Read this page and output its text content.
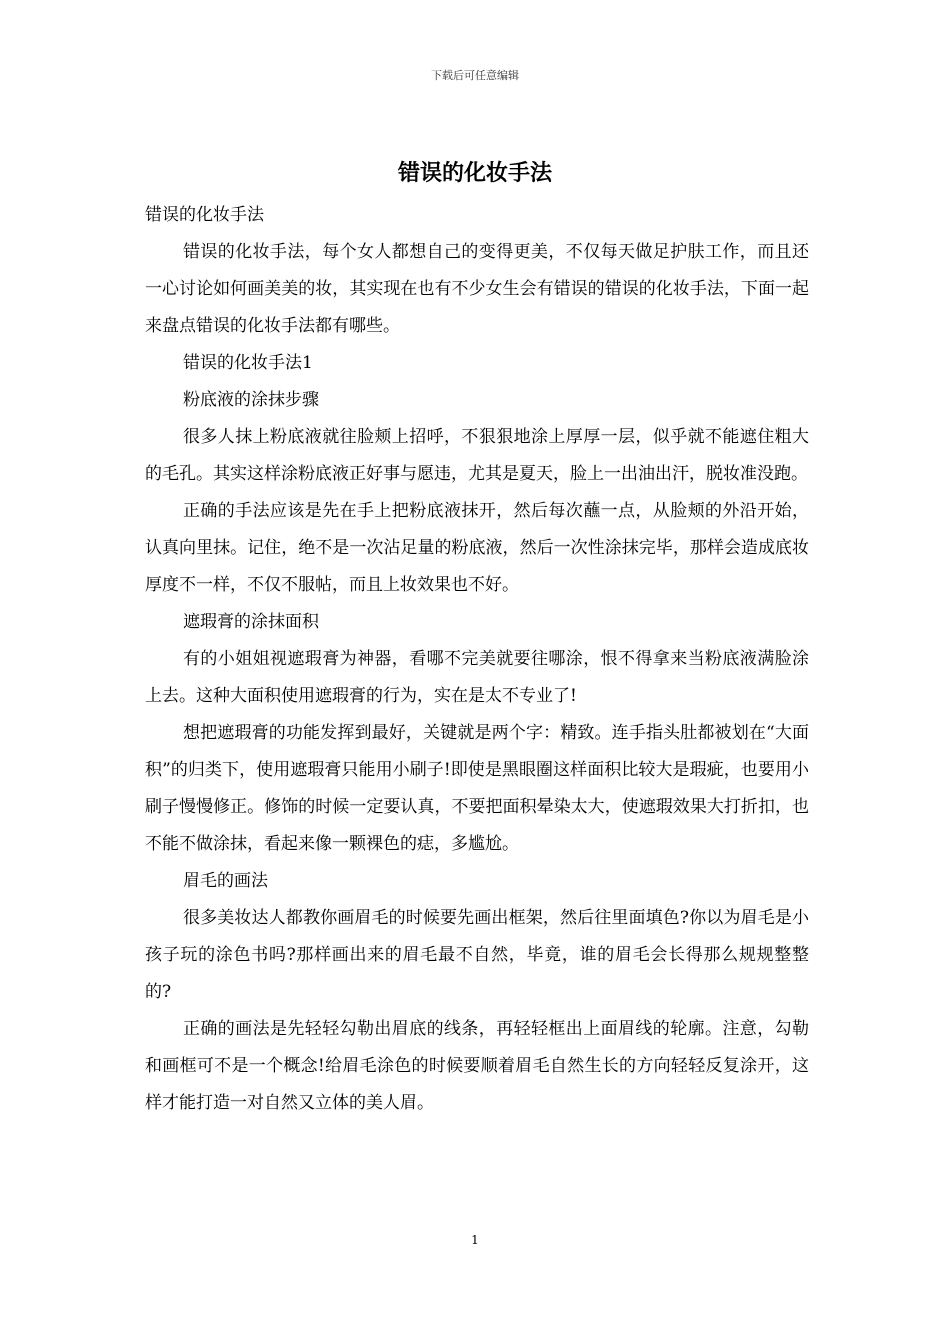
下载后可任意编辑
错误的化妆手法

错误的化妆手法

错误的化妆手法，每个女人都想自己的变得更美，不仅每天做足护肤工作，而且还一心讨论如何画美美的妆，其实现在也有不少女生会有错误的错误的化妆手法，下面一起来盘点错误的化妆手法都有哪些。

错误的化妆手法1

粉底液的涂抹步骤

很多人抹上粉底液就往脸颊上招呼，不狠狠地涂上厚厚一层，似乎就不能遮住粗大的毛孔。其实这样涂粉底液正好事与愿违，尤其是夏天，脸上一出油出汗，脱妆准没跑。

正确的手法应该是先在手上把粉底液抹开，然后每次蘸一点，从脸颊的外沿开始，认真向里抹。记住，绝不是一次沾足量的粉底液，然后一次性涂抹完毕，那样会造成底妆厚度不一样，不仅不服帖，而且上妆效果也不好。

遮瑕膏的涂抹面积

有的小姐姐视遮瑕膏为神器，看哪不完美就要往哪涂，恨不得拿来当粉底液满脸涂上去。这种大面积使用遮瑕膏的行为，实在是太不专业了!

想把遮瑕膏的功能发挥到最好，关键就是两个字：精致。连手指头肚都被划在“大面积”的归类下，使用遮瑕膏只能用小刷子!即使是黑眼圈这样面积比较大是瑕疵，也要用小刷子慢慢修正。修饰的时候一定要认真，不要把面积晕染太大，使遮瑕效果大打折扣，也不能不做涂抹，看起来像一颗裸色的痣，多尴尬。

眉毛的画法

很多美妆达人都教你画眉毛的时候要先画出框架，然后往里面填色?你以为眉毛是小孩子玩的涂色书吗?那样画出来的眉毛最不自然，毕竟，谁的眉毛会长得那么规规整整的?

正确的画法是先轻轻勾勒出眉底的线条，再轻轻框出上面眉线的轮廓。注意，勾勒和画框可不是一个概念!给眉毛涂色的时候要顺着眉毛自然生长的方向轻轻反复涂开，这样才能打造一对自然又立体的美人眉。

1
